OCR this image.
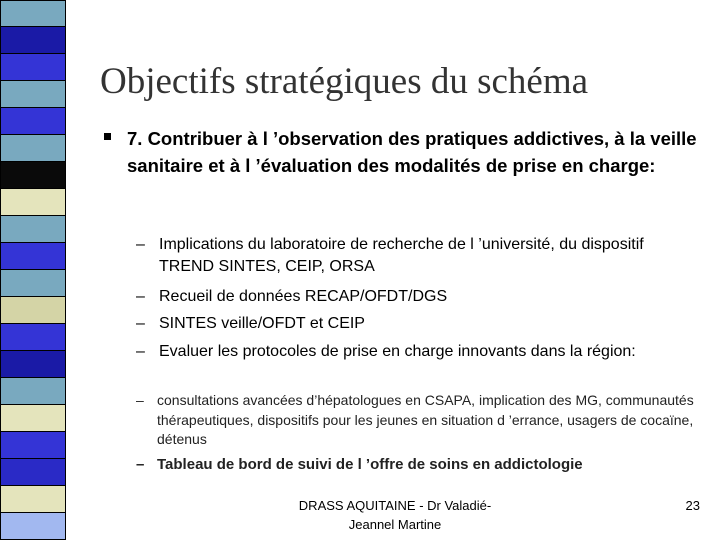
Objectifs stratégiques du schéma
7. Contribuer à l ’observation des pratiques addictives, à la veille sanitaire et à l ’évaluation des modalités de prise en charge:
– Implications du laboratoire de recherche de l ’université, du dispositif TREND SINTES, CEIP, ORSA
– Recueil de données RECAP/OFDT/DGS
– SINTES veille/OFDT et CEIP
– Evaluer les protocoles de prise en charge innovants dans la région:
– consultations avancées d’hépatologues en CSAPA, implication des MG, communautés thérapeutiques, dispositifs pour les jeunes en situation d ’errance, usagers de cocaïne, détenus
– Tableau de bord de suivi de l ’offre de soins en addictologie
DRASS AQUITAINE - Dr Valadié-
Jeannel Martine
23
